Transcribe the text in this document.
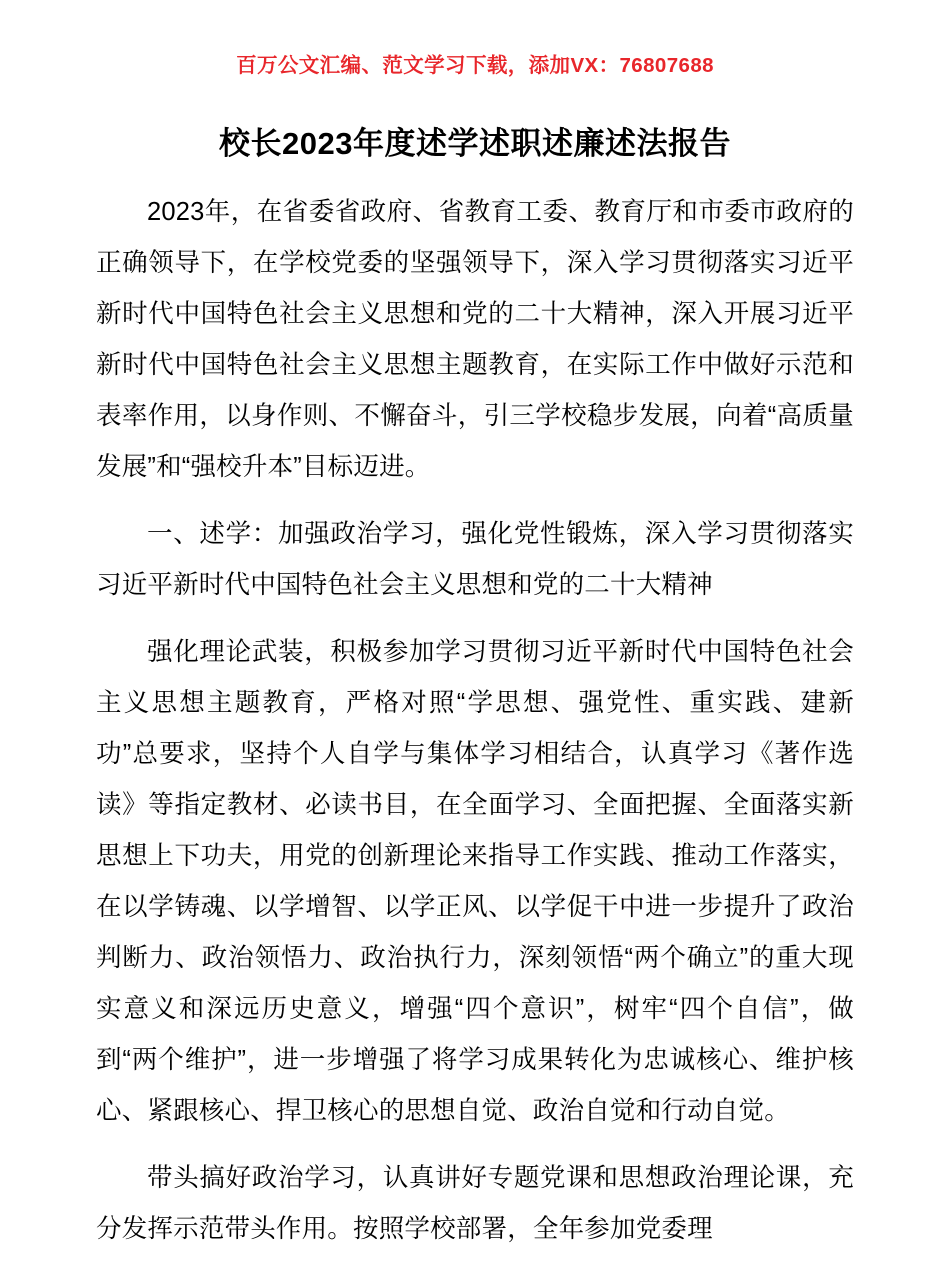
百万公文汇编、范文学习下载，添加VX：76807688
校长2023年度述学述职述廉述法报告

2023年，在省委省政府、省教育工委、教育厅和市委市政府的正确领导下，在学校党委的坚强领导下，深入学习贯彻落实习近平新时代中国特色社会主义思想和党的二十大精神，深入开展习近平新时代中国特色社会主义思想主题教育，在实际工作中做好示范和表率作用，以身作则、不懈奋斗，引三学校稳步发展，向着“高质量发展”和“强校升本”目标迈进。

一、述学：加强政治学习，强化党性锻炼，深入学习贯彻落实习近平新时代中国特色社会主义思想和党的二十大精神

强化理论武装，积极参加学习贯彻习近平新时代中国特色社会主义思想主题教育，严格对照“学思想、强党性、重实践、建新功”总要求，坚持个人自学与集体学习相结合，认真学习《著作选读》等指定教材、必读书目，在全面学习、全面把握、全面落实新思想上下功夫，用党的创新理论来指导工作实践、推动工作落实，在以学铸魂、以学增智、以学正风、以学促干中进一步提升了政治判断力、政治领悟力、政治执行力，深刻领悟“两个确立”的重大现实意义和深远历史意义，增强“四个意识”，树牢“四个自信”，做到“两个维护”，进一步增强了将学习成果转化为忠诚核心、维护核心、紧跟核心、捍卫核心的思想自觉、政治自觉和行动自觉。

带头搞好政治学习，认真讲好专题党课和思想政治理论课，充分发挥示范带头作用。按照学校部署，全年参加党委理
